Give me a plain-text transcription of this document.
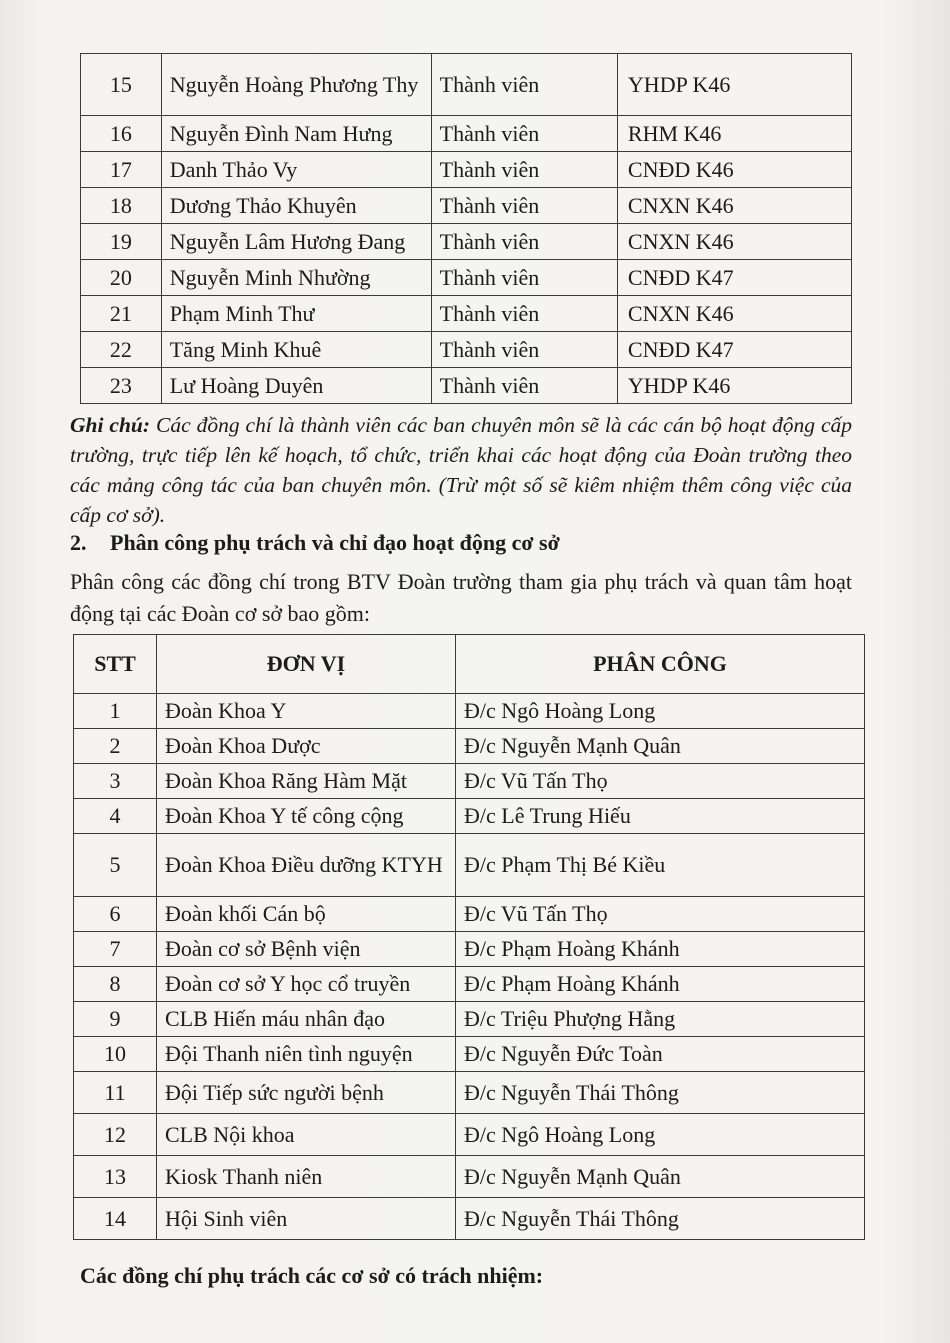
15	Nguyễn Hoàng Phương Thy	Thành viên	YHDP K46
16	Nguyễn Đình Nam Hưng	Thành viên	RHM K46
17	Danh Thảo Vy	Thành viên	CNĐD K46
18	Dương Thảo Khuyên	Thành viên	CNXN K46
19	Nguyễn Lâm Hương Đang	Thành viên	CNXN K46
20	Nguyễn Minh Nhường	Thành viên	CNĐD K47
21	Phạm Minh Thư	Thành viên	CNXN K46
22	Tăng Minh Khuê	Thành viên	CNĐD K47
23	Lư Hoàng Duyên	Thành viên	YHDP K46
Ghi chú: Các đồng chí là thành viên các ban chuyên môn sẽ là các cán bộ hoạt động cấp trường, trực tiếp lên kế hoạch, tổ chức, triển khai các hoạt động của Đoàn trường theo các mảng công tác của ban chuyên môn. (Trừ một số sẽ kiêm nhiệm thêm công việc của cấp cơ sở).
2. Phân công phụ trách và chỉ đạo hoạt động cơ sở
Phân công các đồng chí trong BTV Đoàn trường tham gia phụ trách và quan tâm hoạt động tại các Đoàn cơ sở bao gồm:
STT	ĐƠN VỊ	PHÂN CÔNG
1	Đoàn Khoa Y	Đ/c Ngô Hoàng Long
2	Đoàn Khoa Dược	Đ/c Nguyễn Mạnh Quân
3	Đoàn Khoa Răng Hàm Mặt	Đ/c Vũ Tấn Thọ
4	Đoàn Khoa Y tế công cộng	Đ/c Lê Trung Hiếu
5	Đoàn Khoa Điều dưỡng KTYH	Đ/c Phạm Thị Bé Kiều
6	Đoàn khối Cán bộ	Đ/c Vũ Tấn Thọ
7	Đoàn cơ sở Bệnh viện	Đ/c Phạm Hoàng Khánh
8	Đoàn cơ sở Y học cổ truyền	Đ/c Phạm Hoàng Khánh
9	CLB Hiến máu nhân đạo	Đ/c Triệu Phượng Hằng
10	Đội Thanh niên tình nguyện	Đ/c Nguyễn Đức Toàn
11	Đội Tiếp sức người bệnh	Đ/c Nguyễn Thái Thông
12	CLB Nội khoa	Đ/c Ngô Hoàng Long
13	Kiosk Thanh niên	Đ/c Nguyễn Mạnh Quân
14	Hội Sinh viên	Đ/c Nguyễn Thái Thông
Các đồng chí phụ trách các cơ sở có trách nhiệm:
